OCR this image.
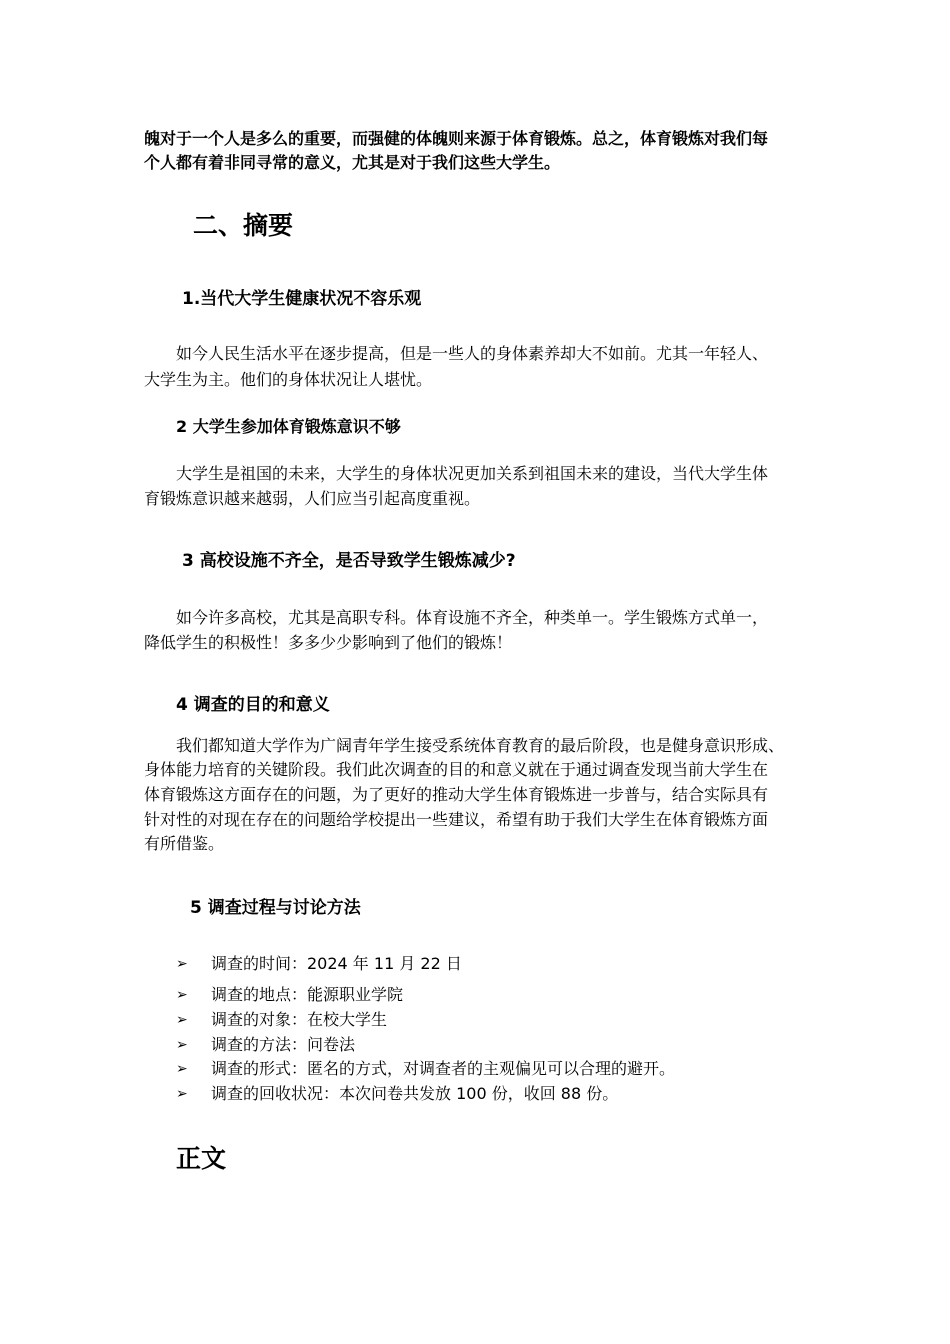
魄对于一个人是多么的重要，而强健的体魄则来源于体育锻炼。总之，体育锻炼对我们每
个人都有着非同寻常的意义，尤其是对于我们这些大学生。
二、摘要
1.当代大学生健康状况不容乐观
如今人民生活水平在逐步提高，但是一些人的身体素养却大不如前。尤其一年轻人、
大学生为主。他们的身体状况让人堪忧。
2 大学生参加体育锻炼意识不够
大学生是祖国的未来，大学生的身体状况更加关系到祖国未来的建设，当代大学生体
育锻炼意识越来越弱，人们应当引起高度重视。
3 高校设施不齐全，是否导致学生锻炼减少?
如今许多高校，尤其是高职专科。体育设施不齐全，种类单一。学生锻炼方式单一，
降低学生的积极性！多多少少影响到了他们的锻炼！
4 调查的目的和意义
我们都知道大学作为广阔青年学生接受系统体育教育的最后阶段，也是健身意识形成、
身体能力培育的关键阶段。我们此次调查的目的和意义就在于通过调查发现当前大学生在
体育锻炼这方面存在的问题，为了更好的推动大学生体育锻炼进一步普与，结合实际具有
针对性的对现在存在的问题给学校提出一些建议，希望有助于我们大学生在体育锻炼方面
有所借鉴。
5 调查过程与讨论方法
➢ 调查的时间：2024 年 11 月 22 日
➢ 调查的地点：能源职业学院
➢ 调查的对象：在校大学生
➢ 调查的方法：问卷法
➢ 调查的形式：匿名的方式，对调查者的主观偏见可以合理的避开。
➢ 调查的回收状况：本次问卷共发放 100 份，收回 88 份。
正文
